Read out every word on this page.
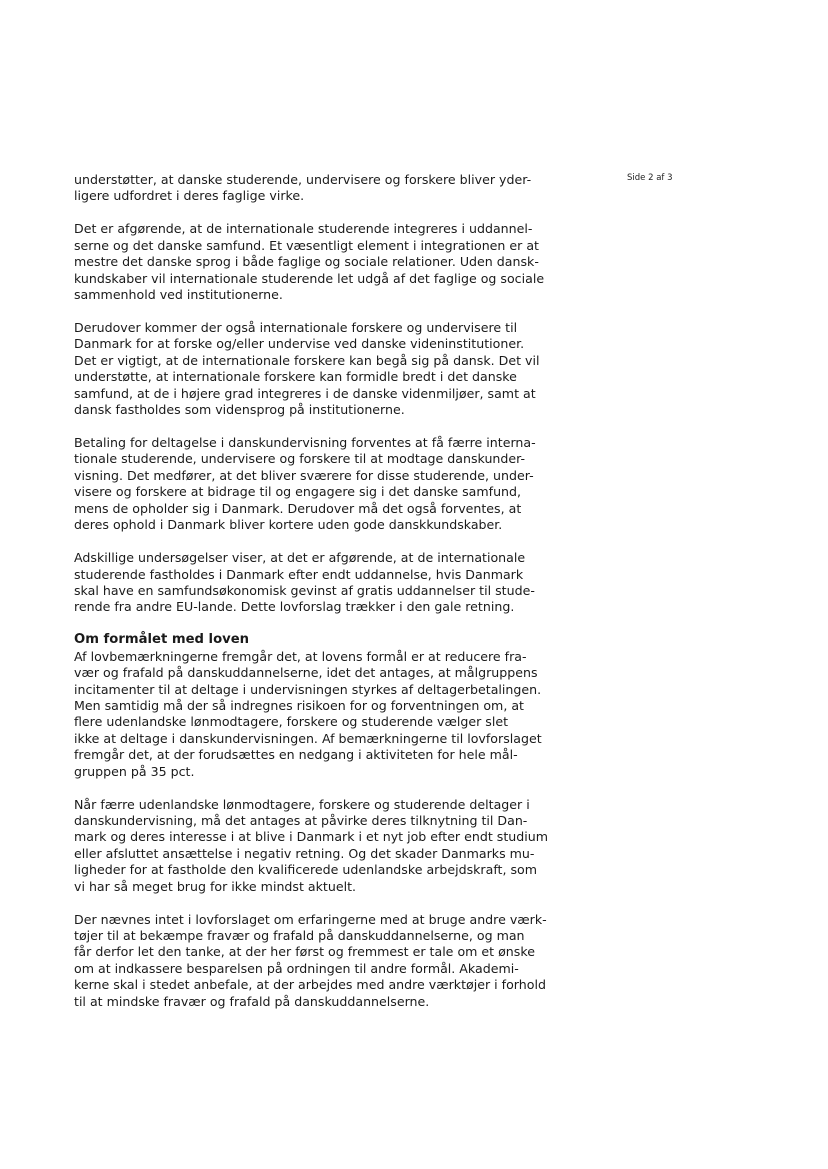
Side 2 af 3

understøtter, at danske studerende, undervisere og forskere bliver yder-
ligere udfordret i deres faglige virke.

Det er afgørende, at de internationale studerende integreres i uddannel-
serne og det danske samfund. Et væsentligt element i integrationen er at
mestre det danske sprog i både faglige og sociale relationer. Uden dansk-
kundskaber vil internationale studerende let udgå af det faglige og sociale
sammenhold ved institutionerne.

Derudover kommer der også internationale forskere og undervisere til
Danmark for at forske og/eller undervise ved danske videninstitutioner.
Det er vigtigt, at de internationale forskere kan begå sig på dansk. Det vil
understøtte, at internationale forskere kan formidle bredt i det danske
samfund, at de i højere grad integreres i de danske videnmiljøer, samt at
dansk fastholdes som vidensprog på institutionerne.

Betaling for deltagelse i danskundervisning forventes at få færre interna-
tionale studerende, undervisere og forskere til at modtage danskunder-
visning. Det medfører, at det bliver sværere for disse studerende, under-
visere og forskere at bidrage til og engagere sig i det danske samfund,
mens de opholder sig i Danmark. Derudover må det også forventes, at
deres ophold i Danmark bliver kortere uden gode danskkundskaber.

Adskillige undersøgelser viser, at det er afgørende, at de internationale
studerende fastholdes i Danmark efter endt uddannelse, hvis Danmark
skal have en samfundsøkonomisk gevinst af gratis uddannelser til stude-
rende fra andre EU-lande. Dette lovforslag trækker i den gale retning.

Om formålet med loven

Af lovbemærkningerne fremgår det, at lovens formål er at reducere fra-
vær og frafald på danskuddannelserne, idet det antages, at målgruppens
incitamenter til at deltage i undervisningen styrkes af deltagerbetalingen.
Men samtidig må der så indregnes risikoen for og forventningen om, at
flere udenlandske lønmodtagere, forskere og studerende vælger slet
ikke at deltage i danskundervisningen. Af bemærkningerne til lovforslaget
fremgår det, at der forudsættes en nedgang i aktiviteten for hele mål-
gruppen på 35 pct.

Når færre udenlandske lønmodtagere, forskere og studerende deltager i
danskundervisning, må det antages at påvirke deres tilknytning til Dan-
mark og deres interesse i at blive i Danmark i et nyt job efter endt studium
eller afsluttet ansættelse i negativ retning. Og det skader Danmarks mu-
ligheder for at fastholde den kvalificerede udenlandske arbejdskraft, som
vi har så meget brug for ikke mindst aktuelt.

Der nævnes intet i lovforslaget om erfaringerne med at bruge andre værk-
tøjer til at bekæmpe fravær og frafald på danskuddannelserne, og man
får derfor let den tanke, at der her først og fremmest er tale om et ønske
om at indkassere besparelsen på ordningen til andre formål. Akademi-
kerne skal i stedet anbefale, at der arbejdes med andre værktøjer i forhold
til at mindske fravær og frafald på danskuddannelserne.
